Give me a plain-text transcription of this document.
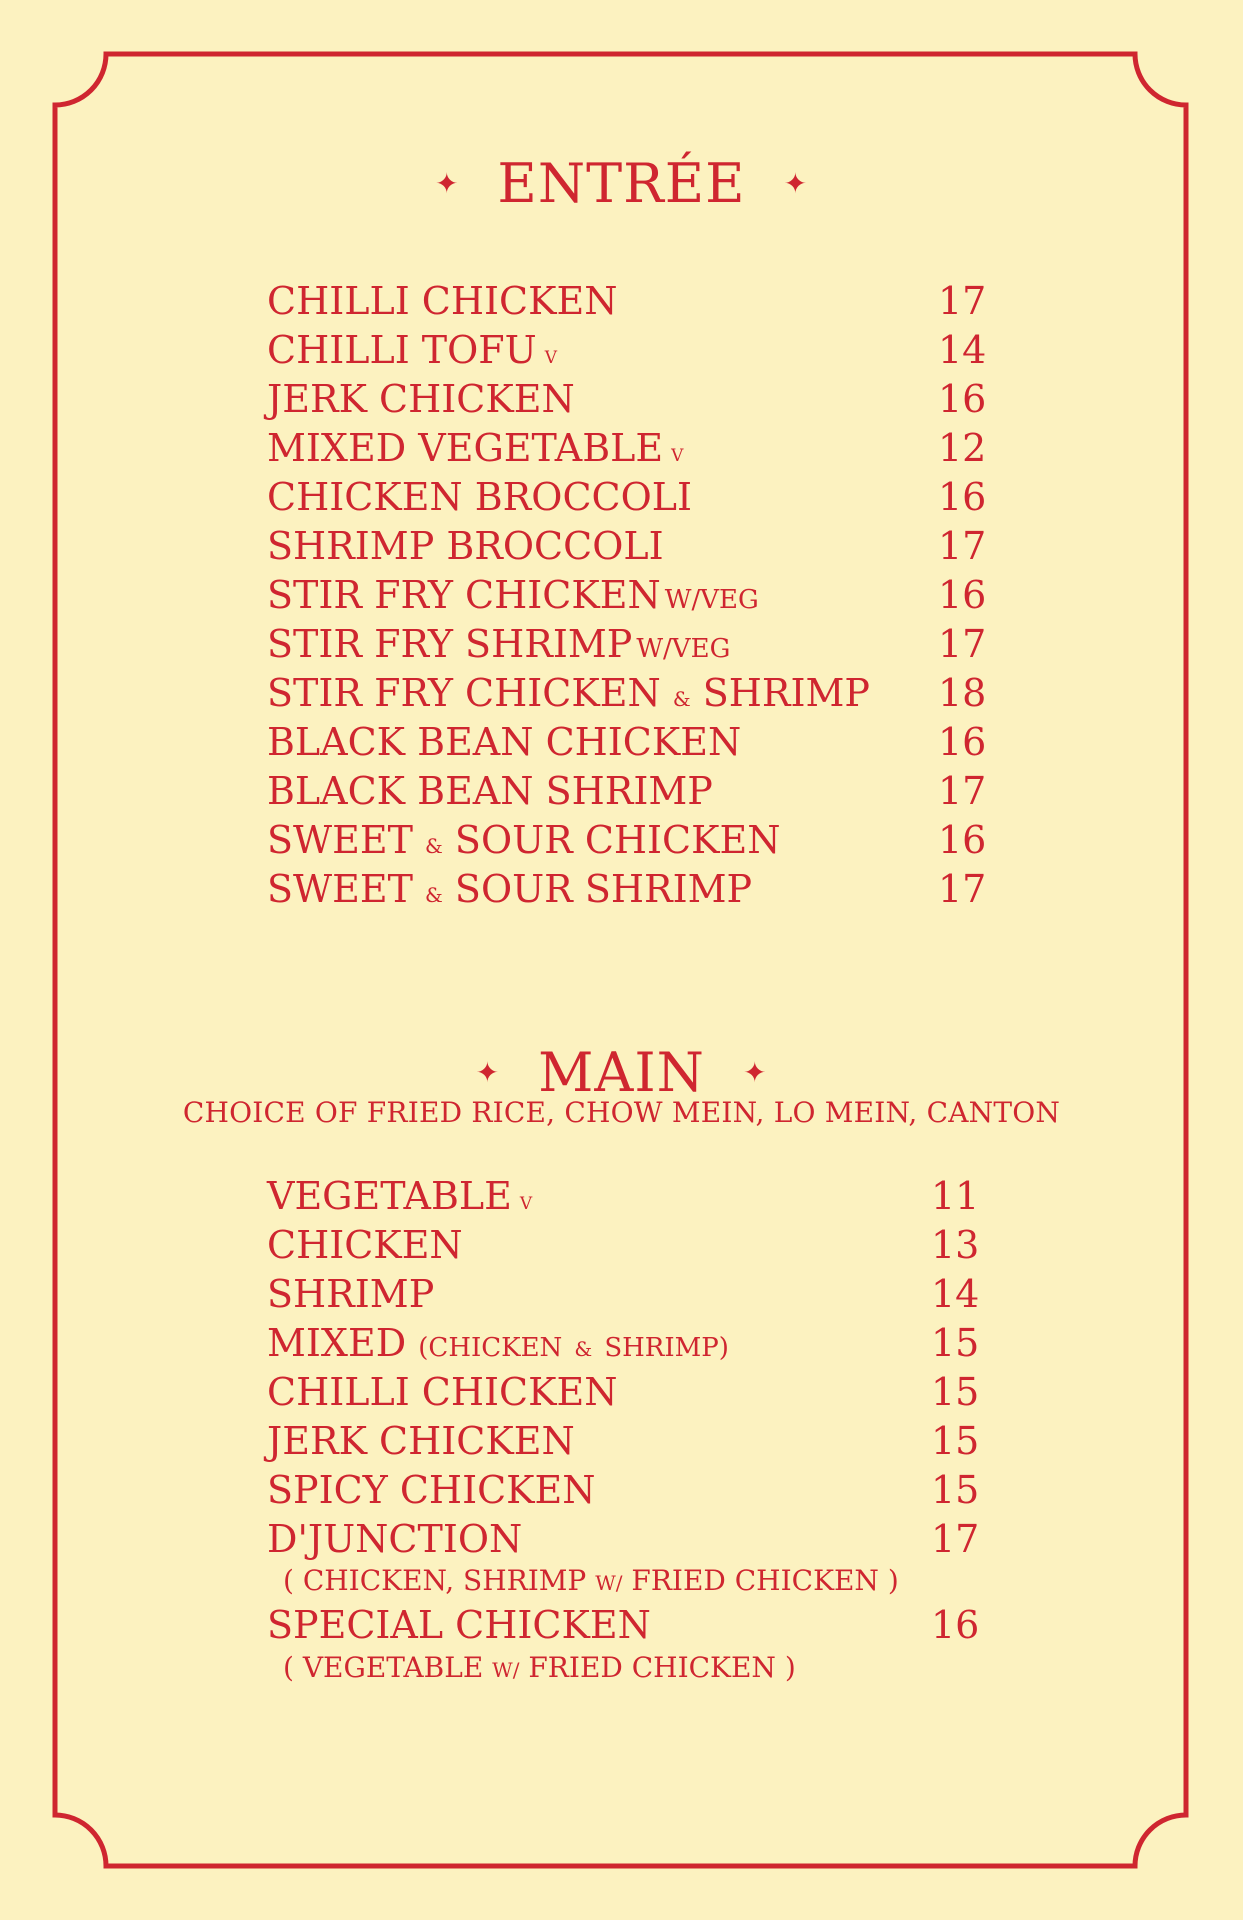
✦ ENTRÉE ✦
CHILLI CHICKEN	17
CHILLI TOFU V	14
JERK CHICKEN	16
MIXED VEGETABLE V	12
CHICKEN BROCCOLI	16
SHRIMP BROCCOLI	17
STIR FRY CHICKEN W/VEG	16
STIR FRY SHRIMP W/VEG	17
STIR FRY CHICKEN & SHRIMP 18
BLACK BEAN CHICKEN	16
BLACK BEAN SHRIMP	17
SWEET & SOUR CHICKEN	16
SWEET & SOUR SHRIMP	17
✦ MAIN ✦
CHOICE OF FRIED RICE, CHOW MEIN, LO MEIN, CANTON
VEGETABLE V	11
CHICKEN	13
SHRIMP	14
MIXED (CHICKEN & SHRIMP)	15
CHILLI CHICKEN	15
JERK CHICKEN	15
SPICY CHICKEN	15
D'JUNCTION	17
( CHICKEN, SHRIMP W/ FRIED CHICKEN )
SPECIAL CHICKEN	16
( VEGETABLE W/ FRIED CHICKEN )
